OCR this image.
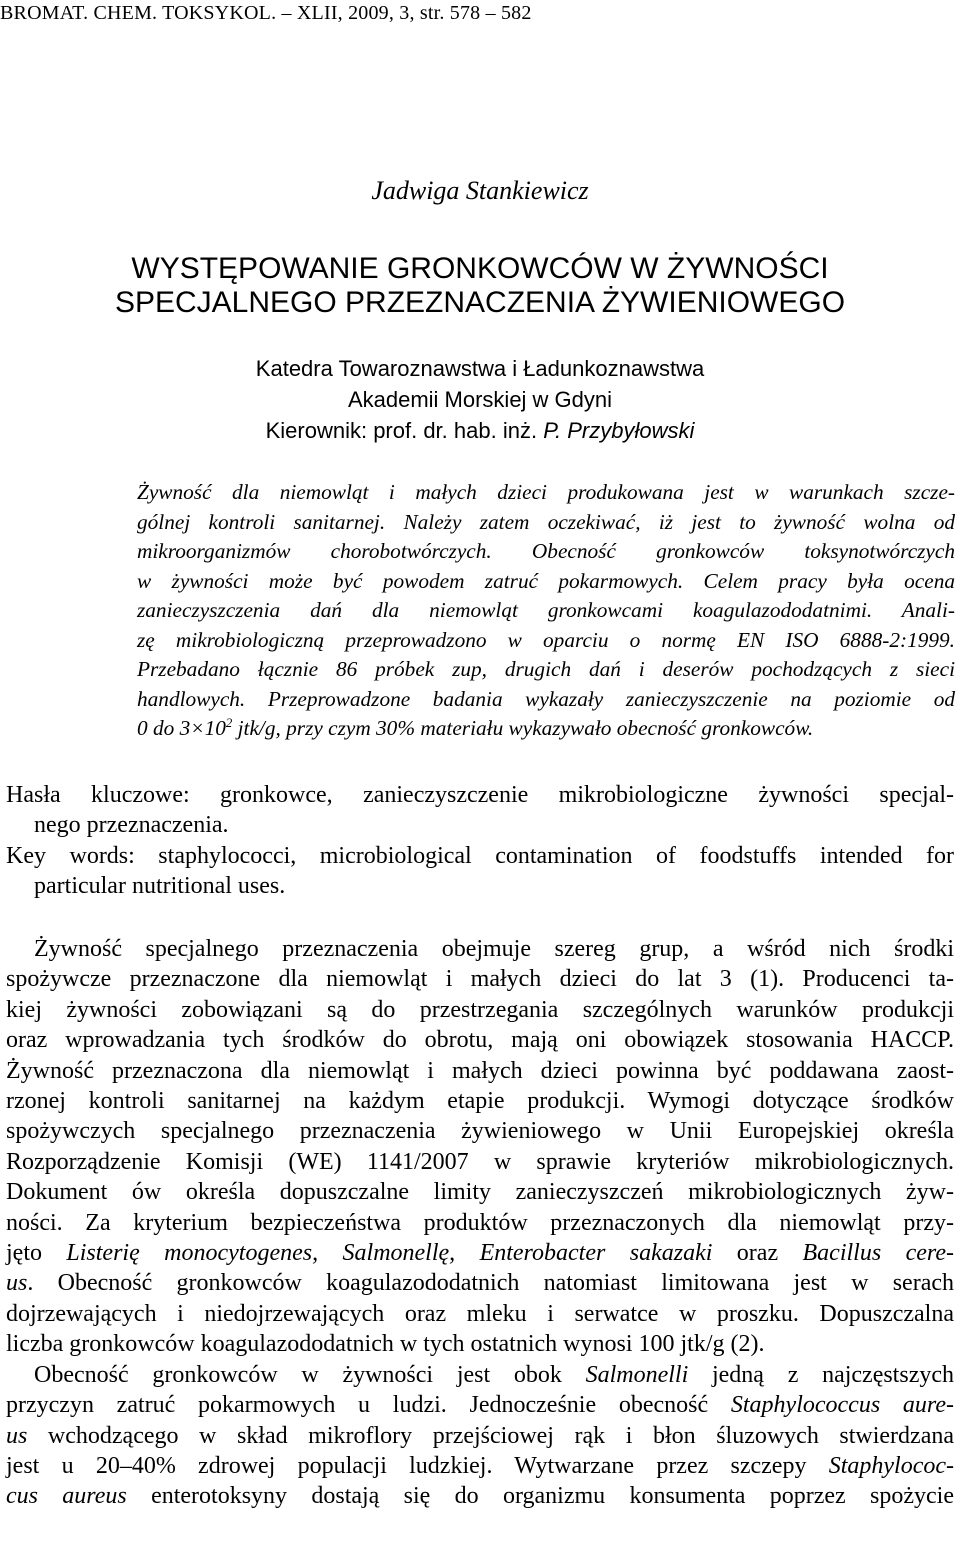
BROMAT. CHEM. TOKSYKOL. – XLII, 2009, 3, str. 578 – 582
Jadwiga Stankiewicz
WYSTĘPOWANIE GRONKOWCÓW W ŻYWNOŚCI
SPECJALNEGO PRZEZNACZENIA ŻYWIENIOWEGO
Katedra Towaroznawstwa i Ładunkoznawstwa
Akademii Morskiej w Gdyni
Kierownik: prof. dr. hab. inż. P. Przybyłowski
Żywność dla niemowląt i małych dzieci produkowana jest w warunkach szcze-
gólnej kontroli sanitarnej. Należy zatem oczekiwać, iż jest to żywność wolna od
mikroorganizmów chorobotwórczych. Obecność gronkowców toksynotwórczych
w żywności może być powodem zatruć pokarmowych. Celem pracy była ocena
zanieczyszczenia dań dla niemowląt gronkowcami koagulazododatnimi. Anali-
zę mikrobiologiczną przeprowadzono w oparciu o normę EN ISO 6888-2:1999.
Przebadano łącznie 86 próbek zup, drugich dań i deserów pochodzących z sieci
handlowych. Przeprowadzone badania wykazały zanieczyszczenie na poziomie od
0 do $3\times 10^2$ jtk/g, przy czym 30% materiału wykazywało obecność gronkowców.
Hasła kluczowe: gronkowce, zanieczyszczenie mikrobiologiczne żywności specjal-
nego przeznaczenia.
Key words: staphylococci, microbiological contamination of foodstuffs intended for
particular nutritional uses.
Żywność specjalnego przeznaczenia obejmuje szereg grup, a wśród nich środki
spożywcze przeznaczone dla niemowląt i małych dzieci do lat 3 (1). Producenci ta-
kiej żywności zobowiązani są do przestrzegania szczególnych warunków produkcji
oraz wprowadzania tych środków do obrotu, mają oni obowiązek stosowania HACCP.
Żywność przeznaczona dla niemowląt i małych dzieci powinna być poddawana zaost-
rzonej kontroli sanitarnej na każdym etapie produkcji. Wymogi dotyczące środków
spożywczych specjalnego przeznaczenia żywieniowego w Unii Europejskiej określa
Rozporządzenie Komisji (WE) 1141/2007 w sprawie kryteriów mikrobiologicznych.
Dokument ów określa dopuszczalne limity zanieczyszczeń mikrobiologicznych żyw-
ności. Za kryterium bezpieczeństwa produktów przeznaczonych dla niemowląt przy-
jęto Listerię monocytogenes, Salmonellę, Enterobacter sakazaki oraz Bacillus cere-
us. Obecność gronkowców koagulazododatnich natomiast limitowana jest w serach
dojrzewających i niedojrzewających oraz mleku i serwatce w proszku. Dopuszczalna
liczba gronkowców koagulazododatnich w tych ostatnich wynosi 100 jtk/g (2).
Obecność gronkowców w żywności jest obok Salmonelli jedną z najczęstszych
przyczyn zatruć pokarmowych u ludzi. Jednocześnie obecność Staphylococcus aure-
us wchodzącego w skład mikroflory przejściowej rąk i błon śluzowych stwierdzana
jest u 20–40% zdrowej populacji ludzkiej. Wytwarzane przez szczepy Staphylococ-
cus aureus enterotoksyny dostają się do organizmu konsumenta poprzez spożycie
